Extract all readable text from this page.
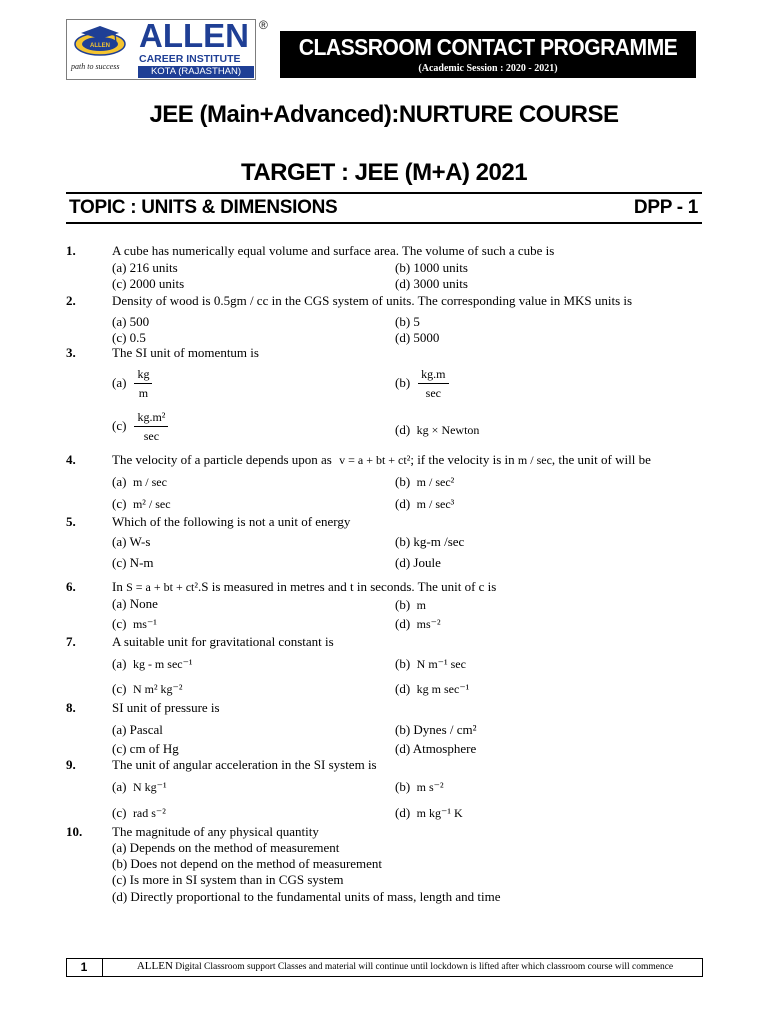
ALLEN
path to success
ALLEN
CAREER INSTITUTE
KOTA (RAJASTHAN)
®
CLASSROOM CONTACT PROGRAMME
(Academic Session : 2020 - 2021)
JEE (Main+Advanced):NURTURE COURSE
TARGET : JEE (M+A) 2021
TOPIC : UNITS & DIMENSIONS	DPP - 1
1.	A cube has numerically equal volume and surface area. The volume of such a cube is
(a) 216 units	(b) 1000 units
(c) 2000 units	(d) 3000 units
2.	Density of wood is 0.5gm / cc in the CGS system of units. The corresponding value in MKS units is
(a) 500	(b) 5
(c) 0.5	(d) 5000
3.	The SI unit of momentum is
$(a) \frac{kg}{m}$	$(b) \frac{kg.m}{\sec}$
$(c) \frac{\text{kg.m²}}{\sec}$	(d) kg × Newton
4.	The velocity of a particle depends upon as v = a + bt + ct²; if the velocity is in m / sec, the unit of will be
(a) m / sec	(b) m / sec²
(c) m² / sec	(d) m / sec³
5.	Which of the following is not a unit of energy
(a) W-s	(b) kg-m /sec
(c) N-m	(d) Joule
6.	In S = a + bt + ct².S is measured in metres and t in seconds. The unit of c is
(a) None	(b) m
(c) ms⁻¹	(d) ms⁻²
7.	A suitable unit for gravitational constant is
(a) kg - m sec⁻¹	(b) N m⁻¹ sec
(c) N m² kg⁻²	(d) kg m sec⁻¹
8.	SI unit of pressure is
(a) Pascal	(b) Dynes / cm²
(c) cm of Hg	(d) Atmosphere
9.	The unit of angular acceleration in the SI system is
(a) N kg⁻¹	(b) m s⁻²
(c) rad s⁻²	(d) m kg⁻¹ K
10. The magnitude of any physical quantity
(a) Depends on the method of measurement
(b) Does not depend on the method of measurement
(c) Is more in SI system than in CGS system
(d) Directly proportional to the fundamental units of mass, length and time
1	ALLEN Digital Classroom support Classes and material will continue until lockdown is lifted after which classroom course will commence
